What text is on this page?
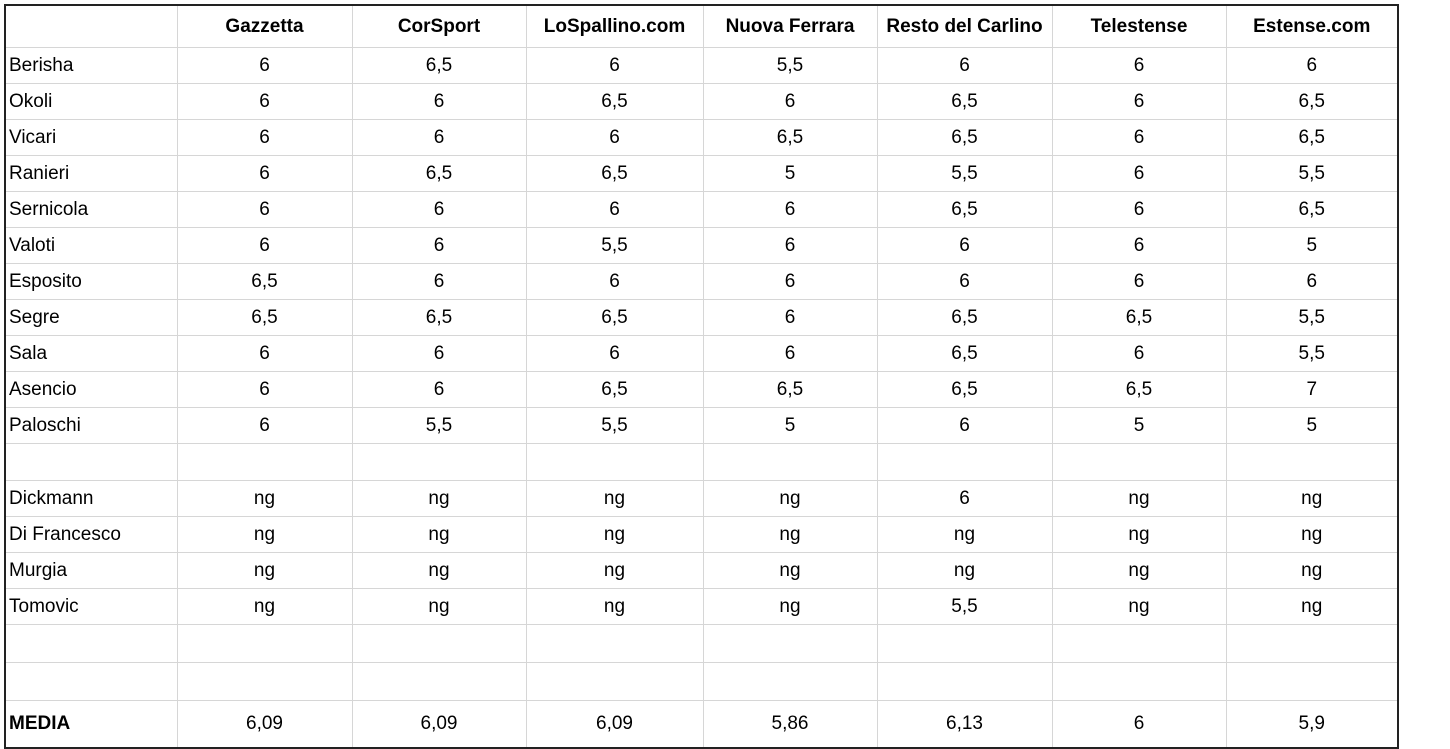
	Gazzetta	CorSport	LoSpallino.com	Nuova Ferrara	Resto del Carlino	Telestense	Estense.com
Berisha	6	6,5	6	5,5	6	6	6
Okoli	6	6	6,5	6	6,5	6	6,5
Vicari	6	6	6	6,5	6,5	6	6,5
Ranieri	6	6,5	6,5	5	5,5	6	5,5
Sernicola	6	6	6	6	6,5	6	6,5
Valoti	6	6	5,5	6	6	6	5
Esposito	6,5	6	6	6	6	6	6
Segre	6,5	6,5	6,5	6	6,5	6,5	5,5
Sala	6	6	6	6	6,5	6	5,5
Asencio	6	6	6,5	6,5	6,5	6,5	7
Paloschi	6	5,5	5,5	5	6	5	5

Dickmann	ng	ng	ng	ng	6	ng	ng
Di Francesco	ng	ng	ng	ng	ng	ng	ng
Murgia	ng	ng	ng	ng	ng	ng	ng
Tomovic	ng	ng	ng	ng	5,5	ng	ng

MEDIA	6,09	6,09	6,09	5,86	6,13	6	5,9
